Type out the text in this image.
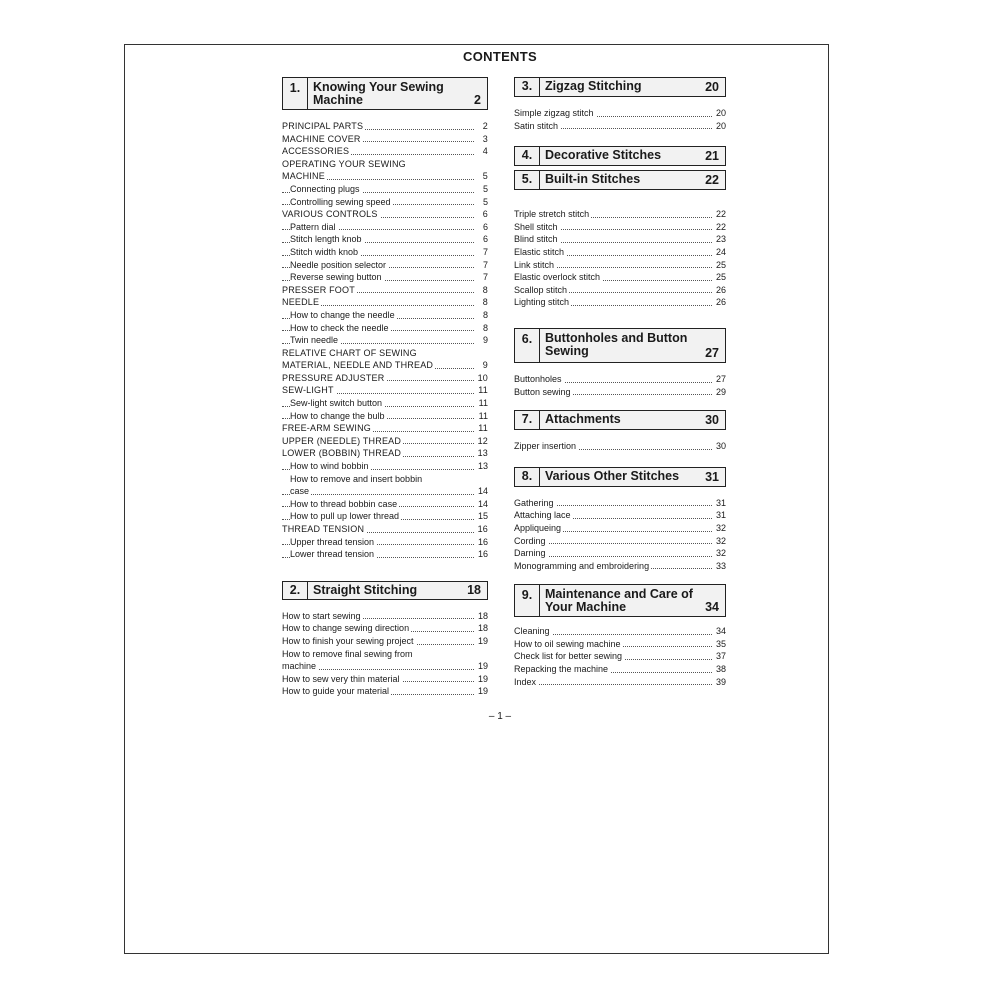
CONTENTS
1.	Knowing Your Sewing Machine	2
PRINCIPAL PARTS	2
MACHINE COVER	3
ACCESSORIES	4
OPERATING YOUR SEWING
MACHINE	5
Connecting plugs	5
Controlling sewing speed	5
VARIOUS CONTROLS	6
Pattern dial	6
Stitch length knob	6
Stitch width knob	7
Needle position selector	7
Reverse sewing button	7
PRESSER FOOT	8
NEEDLE	8
How to change the needle	8
How to check the needle	8
Twin needle	9
RELATIVE CHART OF SEWING
MATERIAL, NEEDLE AND THREAD	9
PRESSURE ADJUSTER	10
SEW-LIGHT	11
Sew-light switch button	11
How to change the bulb	11
FREE-ARM SEWING	11
UPPER (NEEDLE) THREAD	12
LOWER (BOBBIN) THREAD	13
How to wind bobbin	13
How to remove and insert bobbin
case	14
How to thread bobbin case	14
How to pull up lower thread	15
THREAD TENSION	16
Upper thread tension	16
Lower thread tension	16
2.	Straight Stitching	18
How to start sewing	18
How to change sewing direction	18
How to finish your sewing project	19
How to remove final sewing from
machine	19
How to sew very thin material	19
How to guide your material	19
3.	Zigzag Stitching	20
Simple zigzag stitch	20
Satin stitch	20
4.	Decorative Stitches	21
5.	Built-in Stitches	22
Triple stretch stitch	22
Shell stitch	22
Blind stitch	23
Elastic stitch	24
Link stitch	25
Elastic overlock stitch	25
Scallop stitch	26
Lighting stitch	26
6.	Buttonholes and Button Sewing	27
Buttonholes	27
Button sewing	29
7.	Attachments	30
Zipper insertion	30
8.	Various Other Stitches	31
Gathering	31
Attaching lace	31
Appliqueing	32
Cording	32
Darning	32
Monogramming and embroidering	33
9.	Maintenance and Care of Your Machine	34
Cleaning	34
How to oil sewing machine	35
Check list for better sewing	37
Repacking the machine	38
Index	39
– 1 –
